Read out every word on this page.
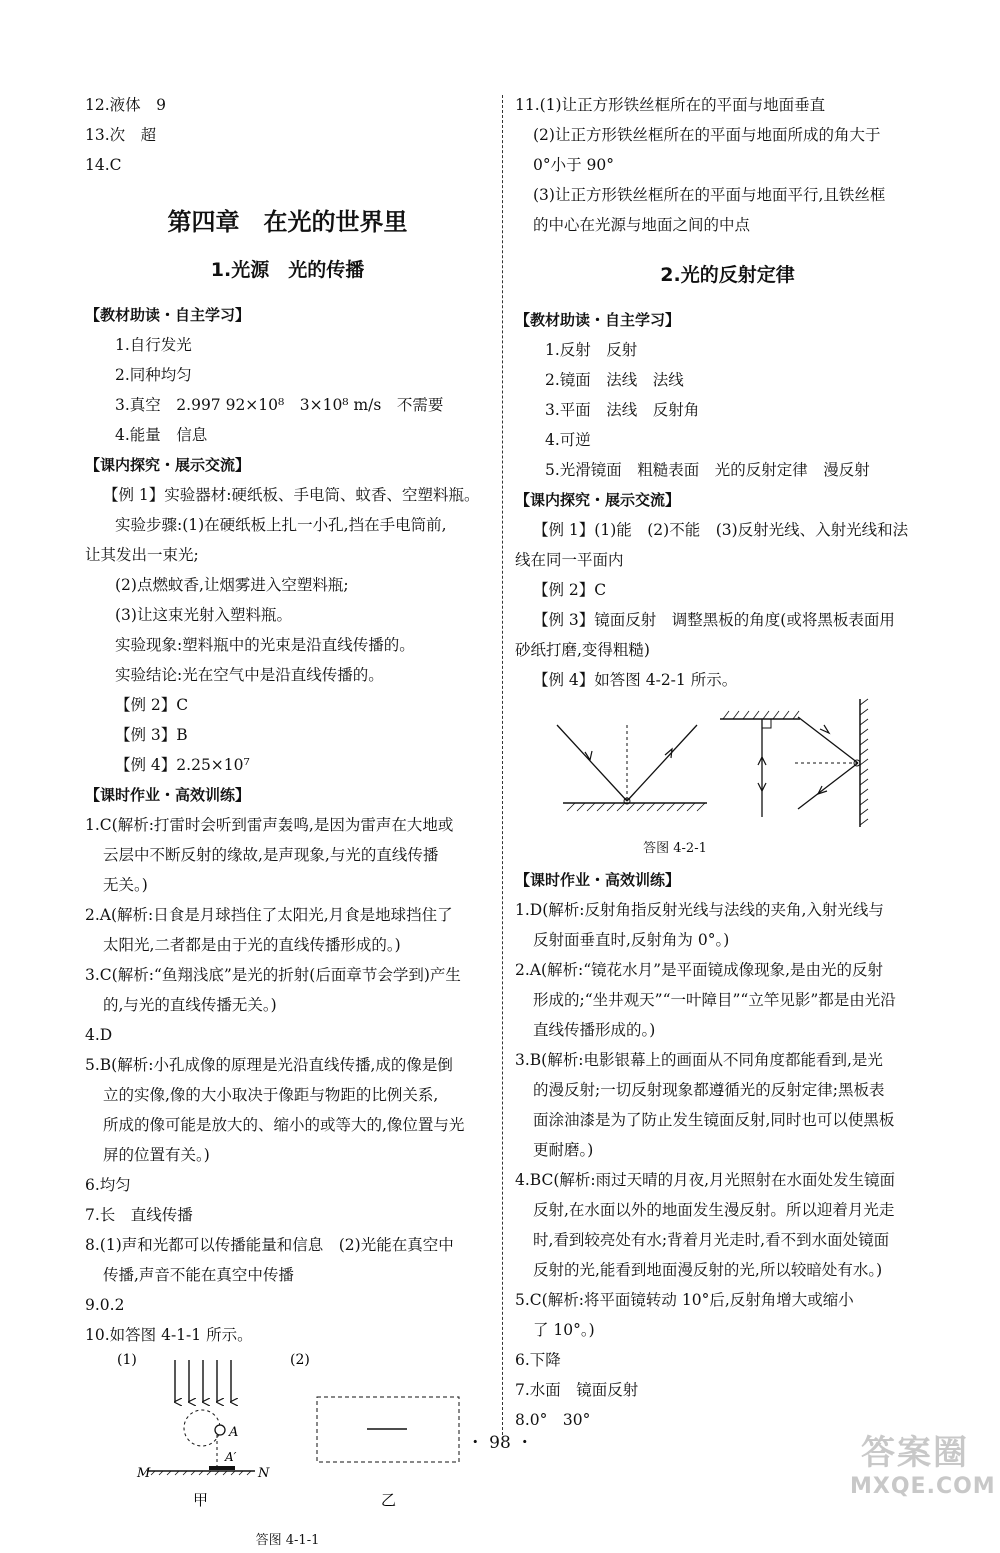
12.液体　9
13.次　超
14.C
第四章　在光的世界里
1.光源　光的传播
【教材助读・自主学习】
1.自行发光
2.同种均匀
3.真空　2.997 92×10⁸　3×10⁸ m/s　不需要
4.能量　信息
【课内探究・展示交流】
【例 1】实验器材:硬纸板、手电筒、蚊香、空塑料瓶。
实验步骤:(1)在硬纸板上扎一小孔,挡在手电筒前,
让其发出一束光;
(2)点燃蚊香,让烟雾进入空塑料瓶;
(3)让这束光射入塑料瓶。
实验现象:塑料瓶中的光束是沿直线传播的。
实验结论:光在空气中是沿直线传播的。
【例 2】C
【例 3】B
【例 4】2.25×10⁷
【课时作业・高效训练】
1.C(解析:打雷时会听到雷声轰鸣,是因为雷声在大地或
云层中不断反射的缘故,是声现象,与光的直线传播
无关。)
2.A(解析:日食是月球挡住了太阳光,月食是地球挡住了
太阳光,二者都是由于光的直线传播形成的。)
3.C(解析:“鱼翔浅底”是光的折射(后面章节会学到)产生
的,与光的直线传播无关。)
4.D
5.B(解析:小孔成像的原理是光沿直线传播,成的像是倒
立的实像,像的大小取决于像距与物距的比例关系,
所成的像可能是放大的、缩小的或等大的,像位置与光
屏的位置有关。)
6.均匀
7.长　直线传播
8.(1)声和光都可以传播能量和信息　(2)光能在真空中
传播,声音不能在真空中传播
9.0.2
10.如答图 4-1-1 所示。
(1)	(2)
A
A′
M	N
甲	乙
答图 4-1-1
11.(1)让正方形铁丝框所在的平面与地面垂直
(2)让正方形铁丝框所在的平面与地面所成的角大于
0°小于 90°
(3)让正方形铁丝框所在的平面与地面平行,且铁丝框
的中心在光源与地面之间的中点
2.光的反射定律
【教材助读・自主学习】
1.反射　反射
2.镜面　法线　法线
3.平面　法线　反射角
4.可逆
5.光滑镜面　粗糙表面　光的反射定律　漫反射
【课内探究・展示交流】
【例 1】(1)能　(2)不能　(3)反射光线、入射光线和法
线在同一平面内
【例 2】C
【例 3】镜面反射　调整黑板的角度(或将黑板表面用
砂纸打磨,变得粗糙)
【例 4】如答图 4-2-1 所示。
答图 4-2-1
【课时作业・高效训练】
1.D(解析:反射角指反射光线与法线的夹角,入射光线与
反射面垂直时,反射角为 0°。)
2.A(解析:“镜花水月”是平面镜成像现象,是由光的反射
形成的;“坐井观天”“一叶障目”“立竿见影”都是由光沿
直线传播形成的。)
3.B(解析:电影银幕上的画面从不同角度都能看到,是光
的漫反射;一切反射现象都遵循光的反射定律;黑板表
面涂油漆是为了防止发生镜面反射,同时也可以使黑板
更耐磨。)
4.BC(解析:雨过天晴的月夜,月光照射在水面处发生镜面
反射,在水面以外的地面发生漫反射。所以迎着月光走
时,看到较亮处有水;背着月光走时,看不到水面处镜面
反射的光,能看到地面漫反射的光,所以较暗处有水。)
5.C(解析:将平面镜转动 10°后,反射角增大或缩小
了 10°。)
6.下降
7.水面　镜面反射
8.0°　30°
・ 98 ・	答案圈
MXQE.COM
